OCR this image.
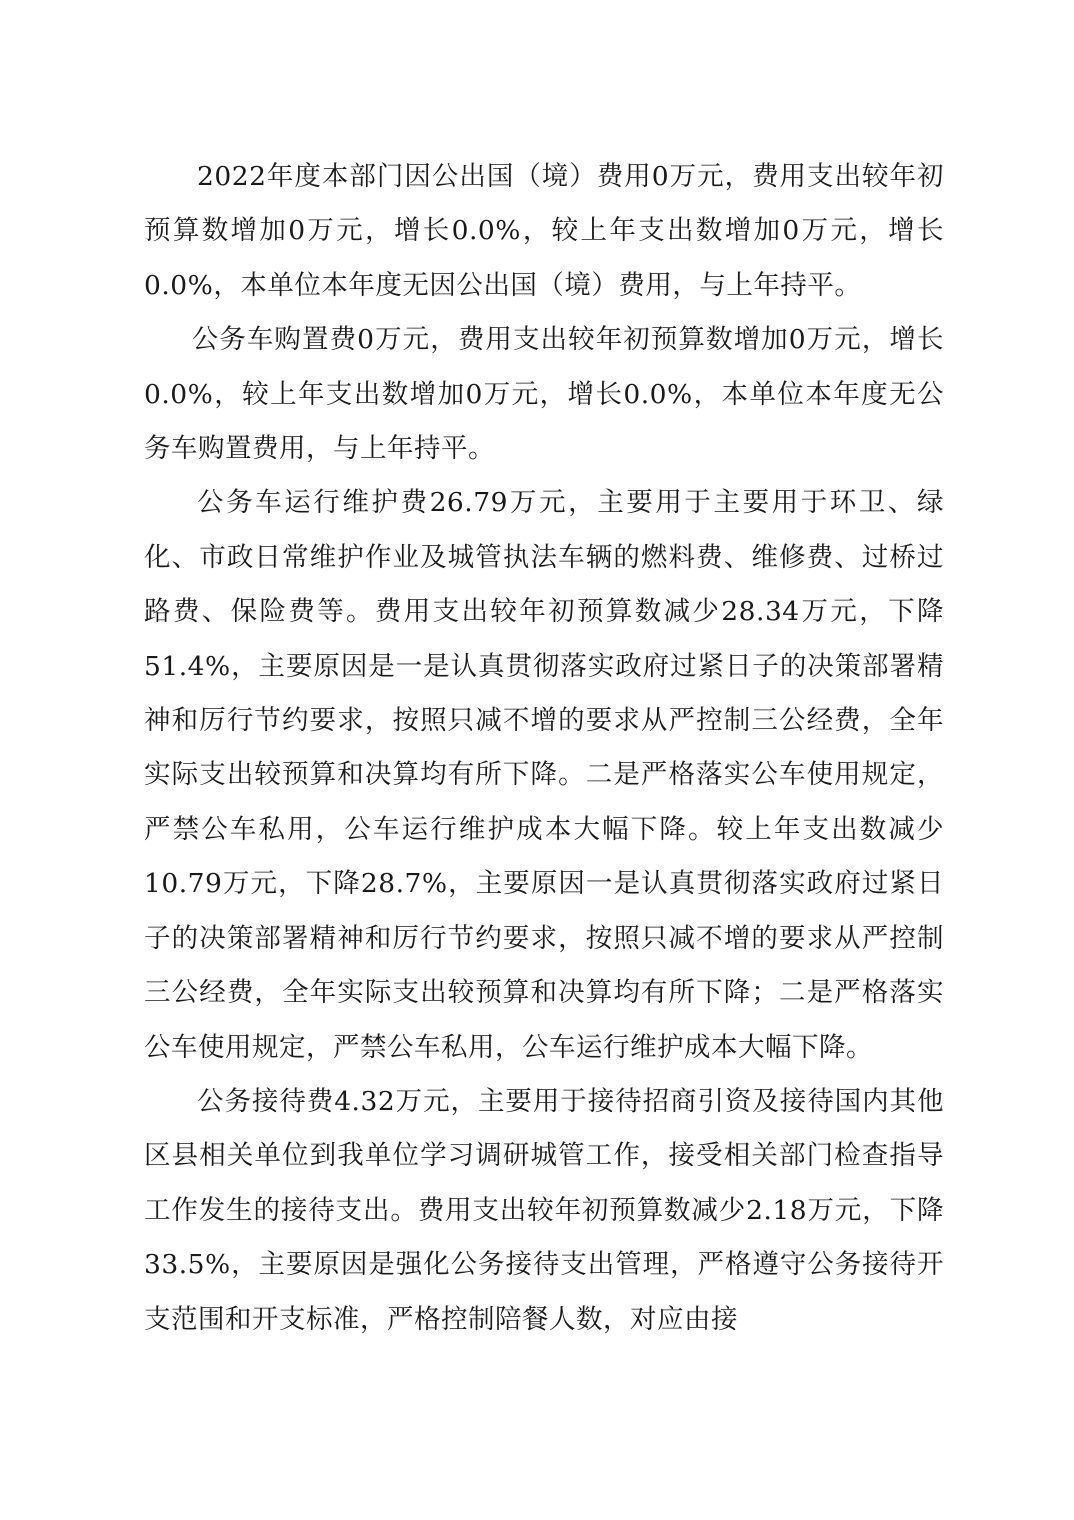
2022年度本部门因公出国（境）费用0万元，费用支出较年初预算数增加0万元，增长0.0%，较上年支出数增加0万元，增长0.0%，本单位本年度无因公出国（境）费用，与上年持平。

公务车购置费0万元，费用支出较年初预算数增加0万元，增长0.0%，较上年支出数增加0万元，增长0.0%，本单位本年度无公务车购置费用，与上年持平。

公务车运行维护费26.79万元，主要用于主要用于环卫、绿化、市政日常维护作业及城管执法车辆的燃料费、维修费、过桥过路费、保险费等。费用支出较年初预算数减少28.34万元，下降51.4%，主要原因是一是认真贯彻落实政府过紧日子的决策部署精神和厉行节约要求，按照只减不增的要求从严控制三公经费，全年实际支出较预算和决算均有所下降。二是严格落实公车使用规定，严禁公车私用，公车运行维护成本大幅下降。较上年支出数减少10.79万元，下降28.7%，主要原因一是认真贯彻落实政府过紧日子的决策部署精神和厉行节约要求，按照只减不增的要求从严控制三公经费，全年实际支出较预算和决算均有所下降；二是严格落实公车使用规定，严禁公车私用，公车运行维护成本大幅下降。

公务接待费4.32万元，主要用于接待招商引资及接待国内其他区县相关单位到我单位学习调研城管工作，接受相关部门检查指导工作发生的接待支出。费用支出较年初预算数减少2.18万元，下降33.5%，主要原因是强化公务接待支出管理，严格遵守公务接待开支范围和开支标准，严格控制陪餐人数，对应由接
